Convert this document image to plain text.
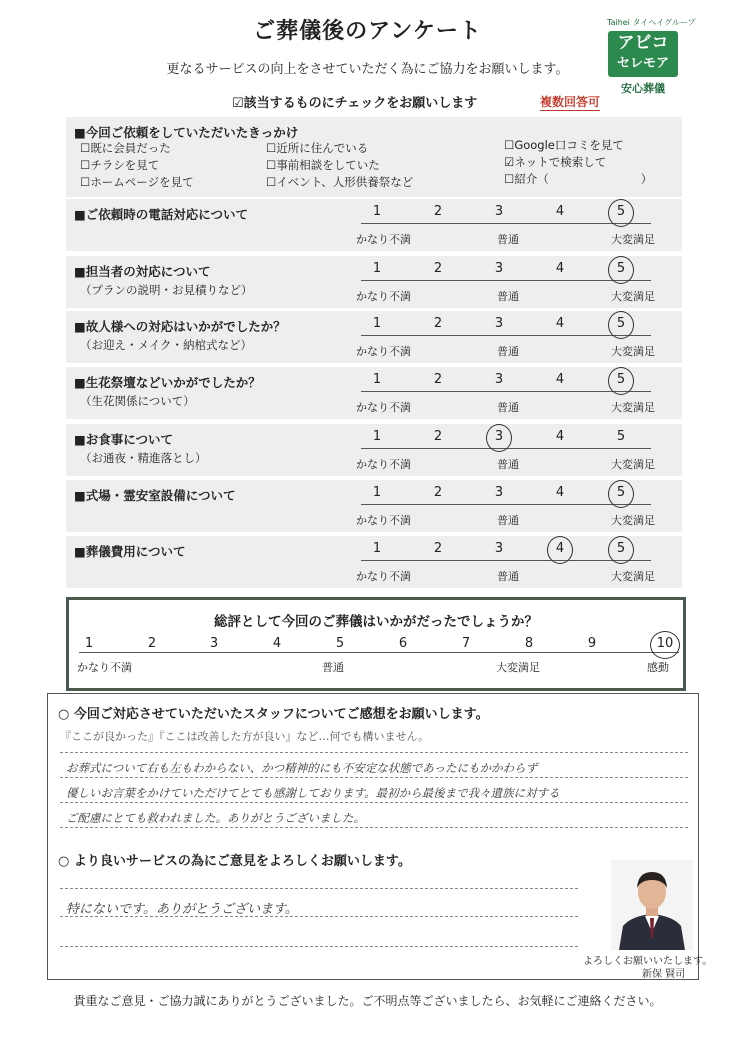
ご葬儀後のアンケート
更なるサービスの向上をさせていただく為にご協力をお願いします。
Taihei タイヘイグループ
アビコ
セレモア
安心葬儀
☑該当するものにチェックをお願いします	複数回答可
■今回ご依頼をしていただいたきっかけ
☐既に会員だった
☐チラシを見て
☐ホームページを見て
☐近所に住んでいる
☐事前相談をしていた
☐イベント、人形供養祭など
☐Google口コミを見て
☑ネットで検索して
☐紹介（　　　　　　　　）
■ご依頼時の電話対応について	1	2	3	4	5
かなり不満	普通	大変満足
■担当者の対応について
（プランの説明・お見積りなど）
1	2	3	4	5
かなり不満	普通	大変満足
■故人様への対応はいかがでしたか？
（お迎え・メイク・納棺式など）
1	2	3	4	5
かなり不満	普通	大変満足
■生花祭壇などいかがでしたか？
（生花関係について）
1	2	3	4	5
かなり不満	普通	大変満足
■お食事について
（お通夜・精進落とし）
1	2	3	4	5
かなり不満	普通	大変満足
■式場・霊安室設備について	1	2	3	4	5
かなり不満	普通	大変満足
■葬儀費用について	1	2	3	4	5
かなり不満	普通	大変満足
総評として今回のご葬儀はいかがだったでしょうか？
1	2	3	4	5	6	7	8	9	10
かなり不満	普通	大変満足	感動
○ 今回ご対応させていただいたスタッフについてご感想をお願いします。
『ここが良かった』『ここは改善した方が良い』など…何でも構いません。
お葬式について右も左もわからない、かつ精神的にも不安定な状態であったにもかかわらず
優しいお言葉をかけていただけてとても感謝しております。最初から最後まで我々遺族に対する
ご配慮にとても救われました。ありがとうございました。
○ より良いサービスの為にご意見をよろしくお願いします。
特にないです。ありがとうございます。
よろしくお願いいたします。
新保 賢司
貴重なご意見・ご協力誠にありがとうございました。ご不明点等ございましたら、お気軽にご連絡ください。
